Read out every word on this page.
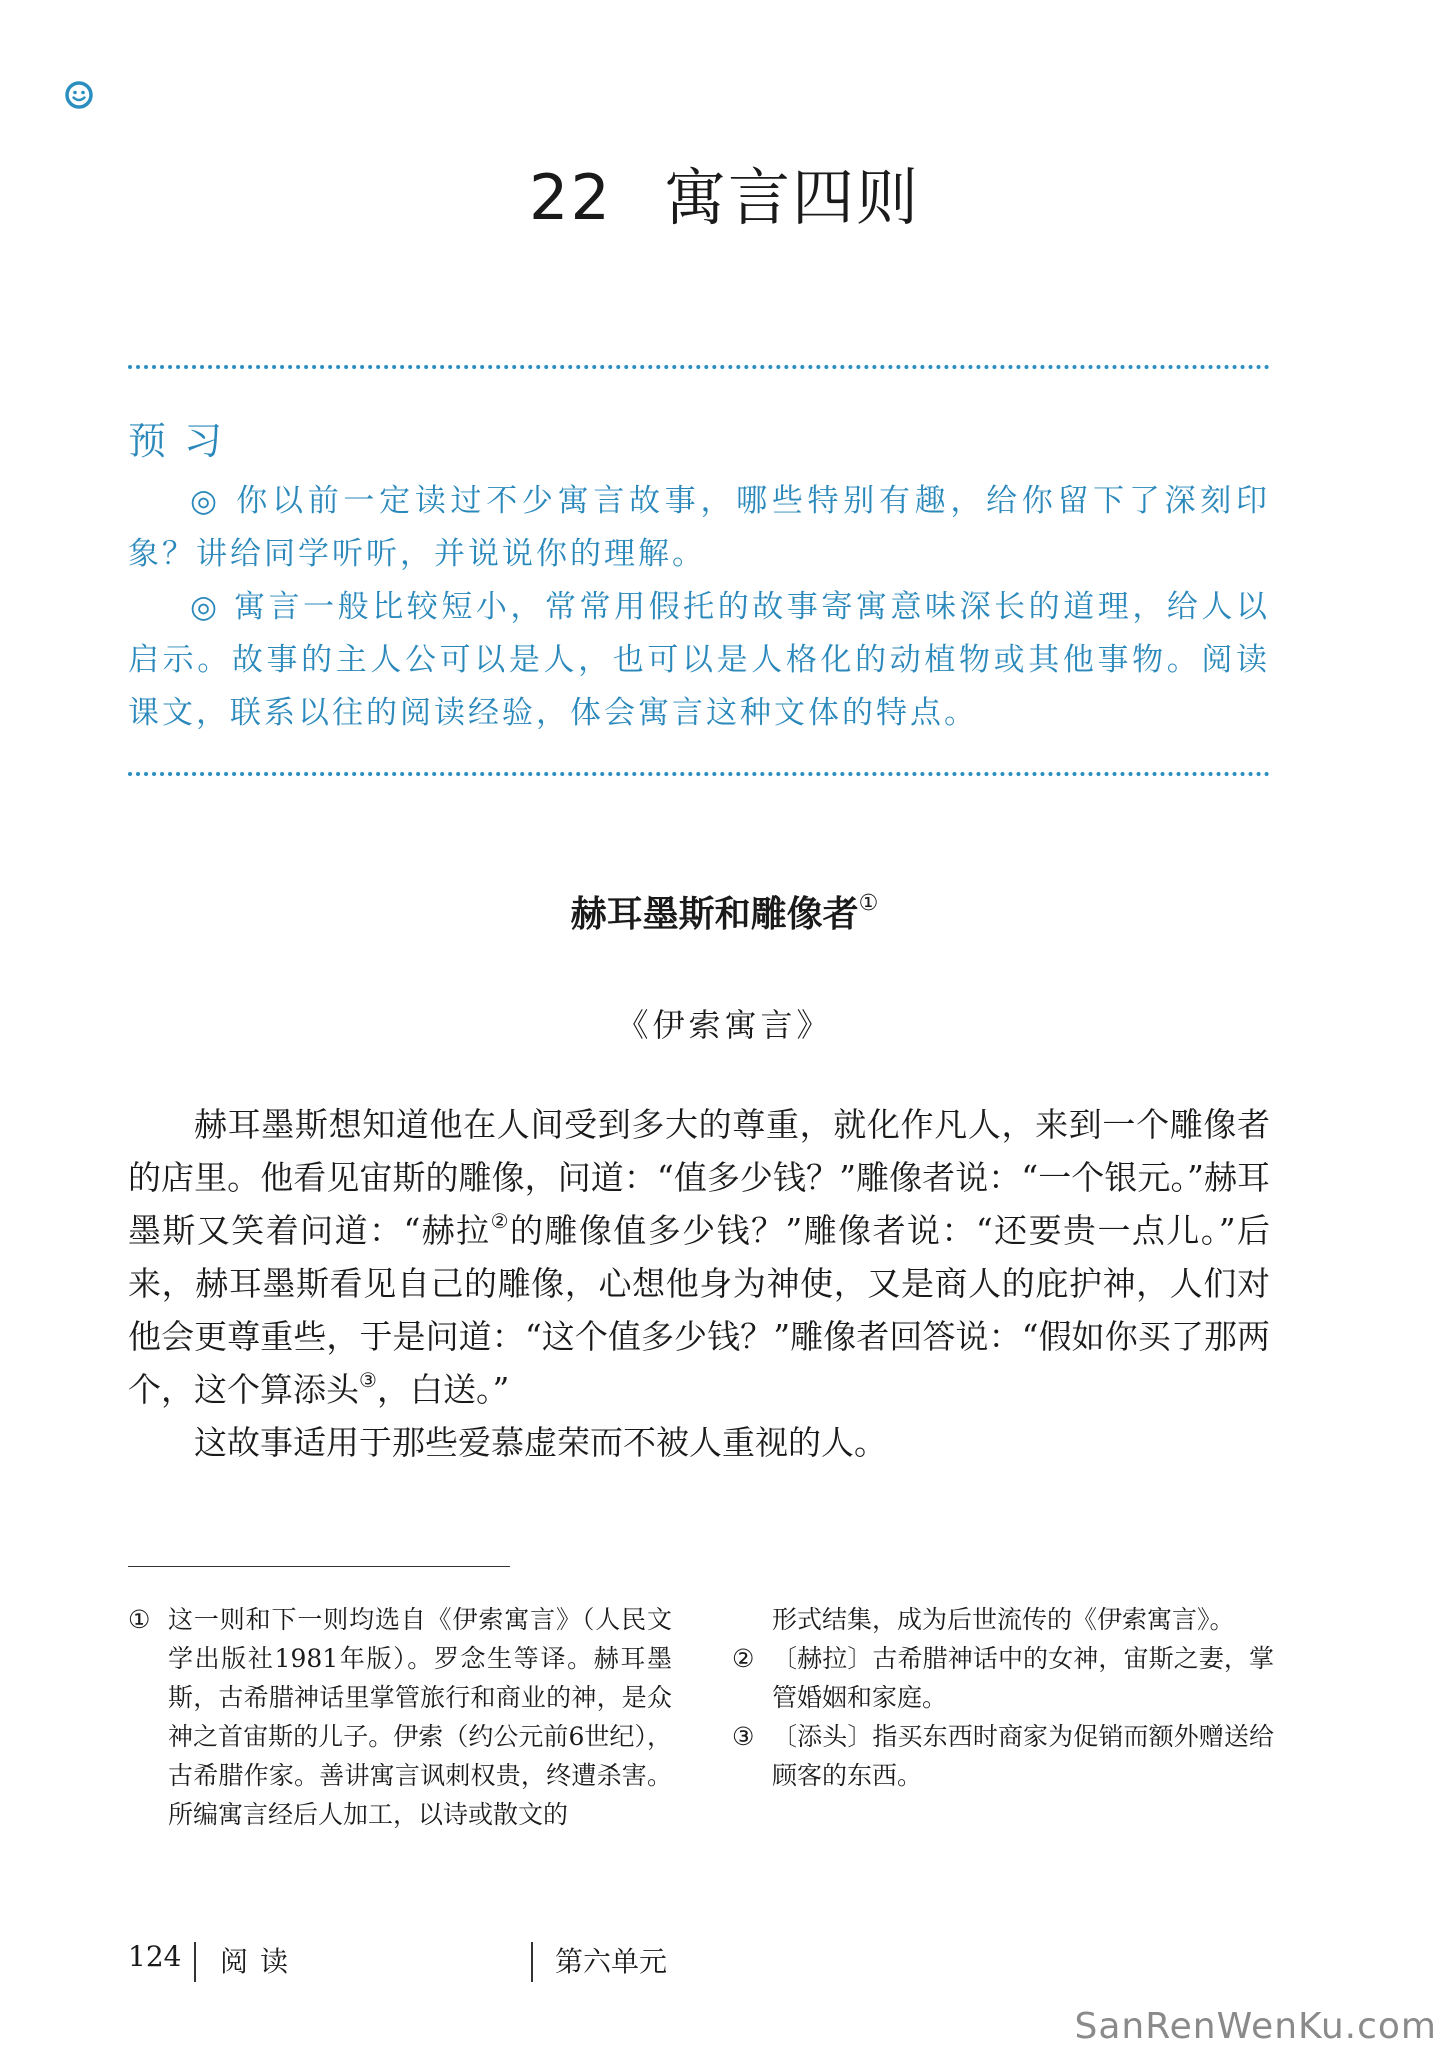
22 寓言四则
预习

◎ 你以前一定读过不少寓言故事，哪些特别有趣，给你留下了深刻印象？讲给同学听听，并说说你的理解。

◎ 寓言一般比较短小，常常用假托的故事寄寓意味深长的道理，给人以启示。故事的主人公可以是人，也可以是人格化的动植物或其他事物。阅读课文，联系以往的阅读经验，体会寓言这种文体的特点。

赫耳墨斯和雕像者①
《伊索寓言》

赫耳墨斯想知道他在人间受到多大的尊重，就化作凡人，来到一个雕像者的店里。他看见宙斯的雕像，问道：“值多少钱？”雕像者说：“一个银元。”赫耳墨斯又笑着问道：“赫拉②的雕像值多少钱？”雕像者说：“还要贵一点儿。”后来，赫耳墨斯看见自己的雕像，心想他身为神使，又是商人的庇护神，人们对他会更尊重些，于是问道：“这个值多少钱？”雕像者回答说：“假如你买了那两个，这个算添头③，白送。”

这故事适用于那些爱慕虚荣而不被人重视的人。

① 这一则和下一则均选自《伊索寓言》（人民文学出版社1981年版）。罗念生等译。赫耳墨斯，古希腊神话里掌管旅行和商业的神，是众神之首宙斯的儿子。伊索（约公元前6世纪），古希腊作家。善讲寓言讽刺权贵，终遭杀害。所编寓言经后人加工，以诗或散文的
形式结集，成为后世流传的《伊索寓言》。
② 〔赫拉〕古希腊神话中的女神，宙斯之妻，掌管婚姻和家庭。
③ 〔添头〕指买东西时商家为促销而额外赠送给顾客的东西。
124 阅读	第六单元
SanRenWenKu.com
